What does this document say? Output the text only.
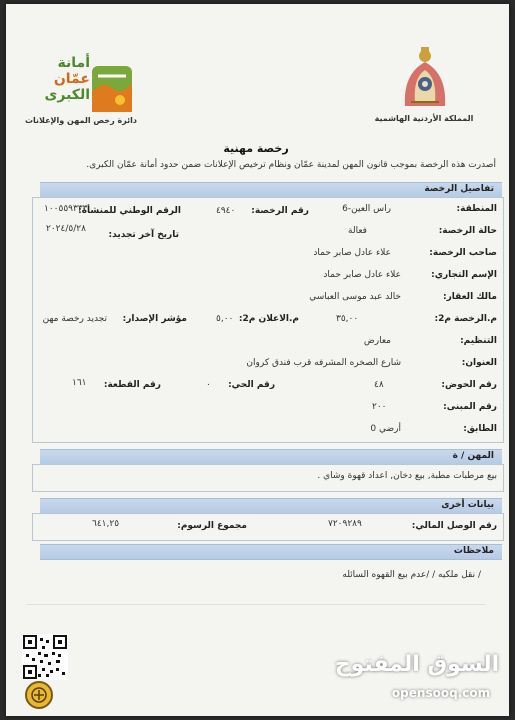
المملكة الأردنية الهاشمية
أمانة
عمّان
الكبرى
دائرة رخص المهن والإعلانات
رخصة مهنية
أصدرت هذه الرخصة بموجب قانون المهن لمدينة عمّان ونظام ترخيص الإعلانات ضمن حدود أمانة عمّان الكبرى.
تفاصيل الرخصة
المنطقة:
راس العين-6
رقم الرخصة:
٤٩٤٠
الرقم الوطني للمنشأة:
١٠٠٥٥٩٣٣٣
حالة الرخصة:
فعالة
تاريخ آخر تجديد:
٢٠٢٤/٥/٢٨
صاحب الرخصة:
علاء عادل صابر حماد
الإسم التجاري:
علاء عادل صابر حماد
مالك العقار:
خالد عبد موسى العباسي
م.الرخصة م2:
٣٥,٠٠
م.الاعلان م2:
٥,٠٠
مؤشر الإصدار:
تجديد رخصة مهن
التنظيم:
معارض
العنوان:
شارع الصخره المشرفه قرب فندق كروان
رقم الحوض:
٤٨
رقم الحي:
٠
رقم القطعة:
١٦١
رقم المبنى:
٢٠٠
الطابق:
أرضي 0
المهن / ة
بيع مرطبات مطبة, بيع دخان, اعداد قهوة وشاي .
بيانات أخرى
رقم الوصل المالي:
٧٢٠٩٢٨٩
مجموع الرسوم:
٦٤١,٢٥
ملاحظات
/ نقل ملكيه / /عدم بيع القهوه السائله
السوق المفتوح
opensooq.com
